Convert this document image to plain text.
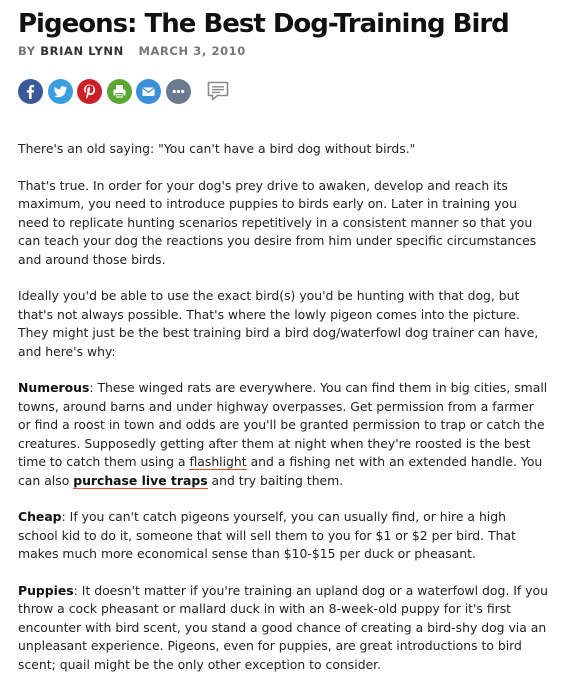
Pigeons: The Best Dog-Training Bird
BY BRIAN LYNN MARCH 3, 2010

There's an old saying: "You can't have a bird dog without birds."

That's true. In order for your dog's prey drive to awaken, develop and reach its maximum, you need to introduce puppies to birds early on. Later in training you need to replicate hunting scenarios repetitively in a consistent manner so that you can teach your dog the reactions you desire from him under specific circumstances and around those birds.

Ideally you'd be able to use the exact bird(s) you'd be hunting with that dog, but that's not always possible. That's where the lowly pigeon comes into the picture. They might just be the best training bird a bird dog/waterfowl dog trainer can have, and here's why:

Numerous: These winged rats are everywhere. You can find them in big cities, small towns, around barns and under highway overpasses. Get permission from a farmer or find a roost in town and odds are you'll be granted permission to trap or catch the creatures. Supposedly getting after them at night when they're roosted is the best time to catch them using a flashlight and a fishing net with an extended handle. You can also purchase live traps and try baiting them.

Cheap: If you can't catch pigeons yourself, you can usually find, or hire a high school kid to do it, someone that will sell them to you for $1 or $2 per bird. That makes much more economical sense than $10-$15 per duck or pheasant.

Puppies: It doesn't matter if you're training an upland dog or a waterfowl dog. If you throw a cock pheasant or mallard duck in with an 8-week-old puppy for it's first encounter with bird scent, you stand a good chance of creating a bird-shy dog via an unpleasant experience. Pigeons, even for puppies, are great introductions to bird scent; quail might be the only other exception to consider.
